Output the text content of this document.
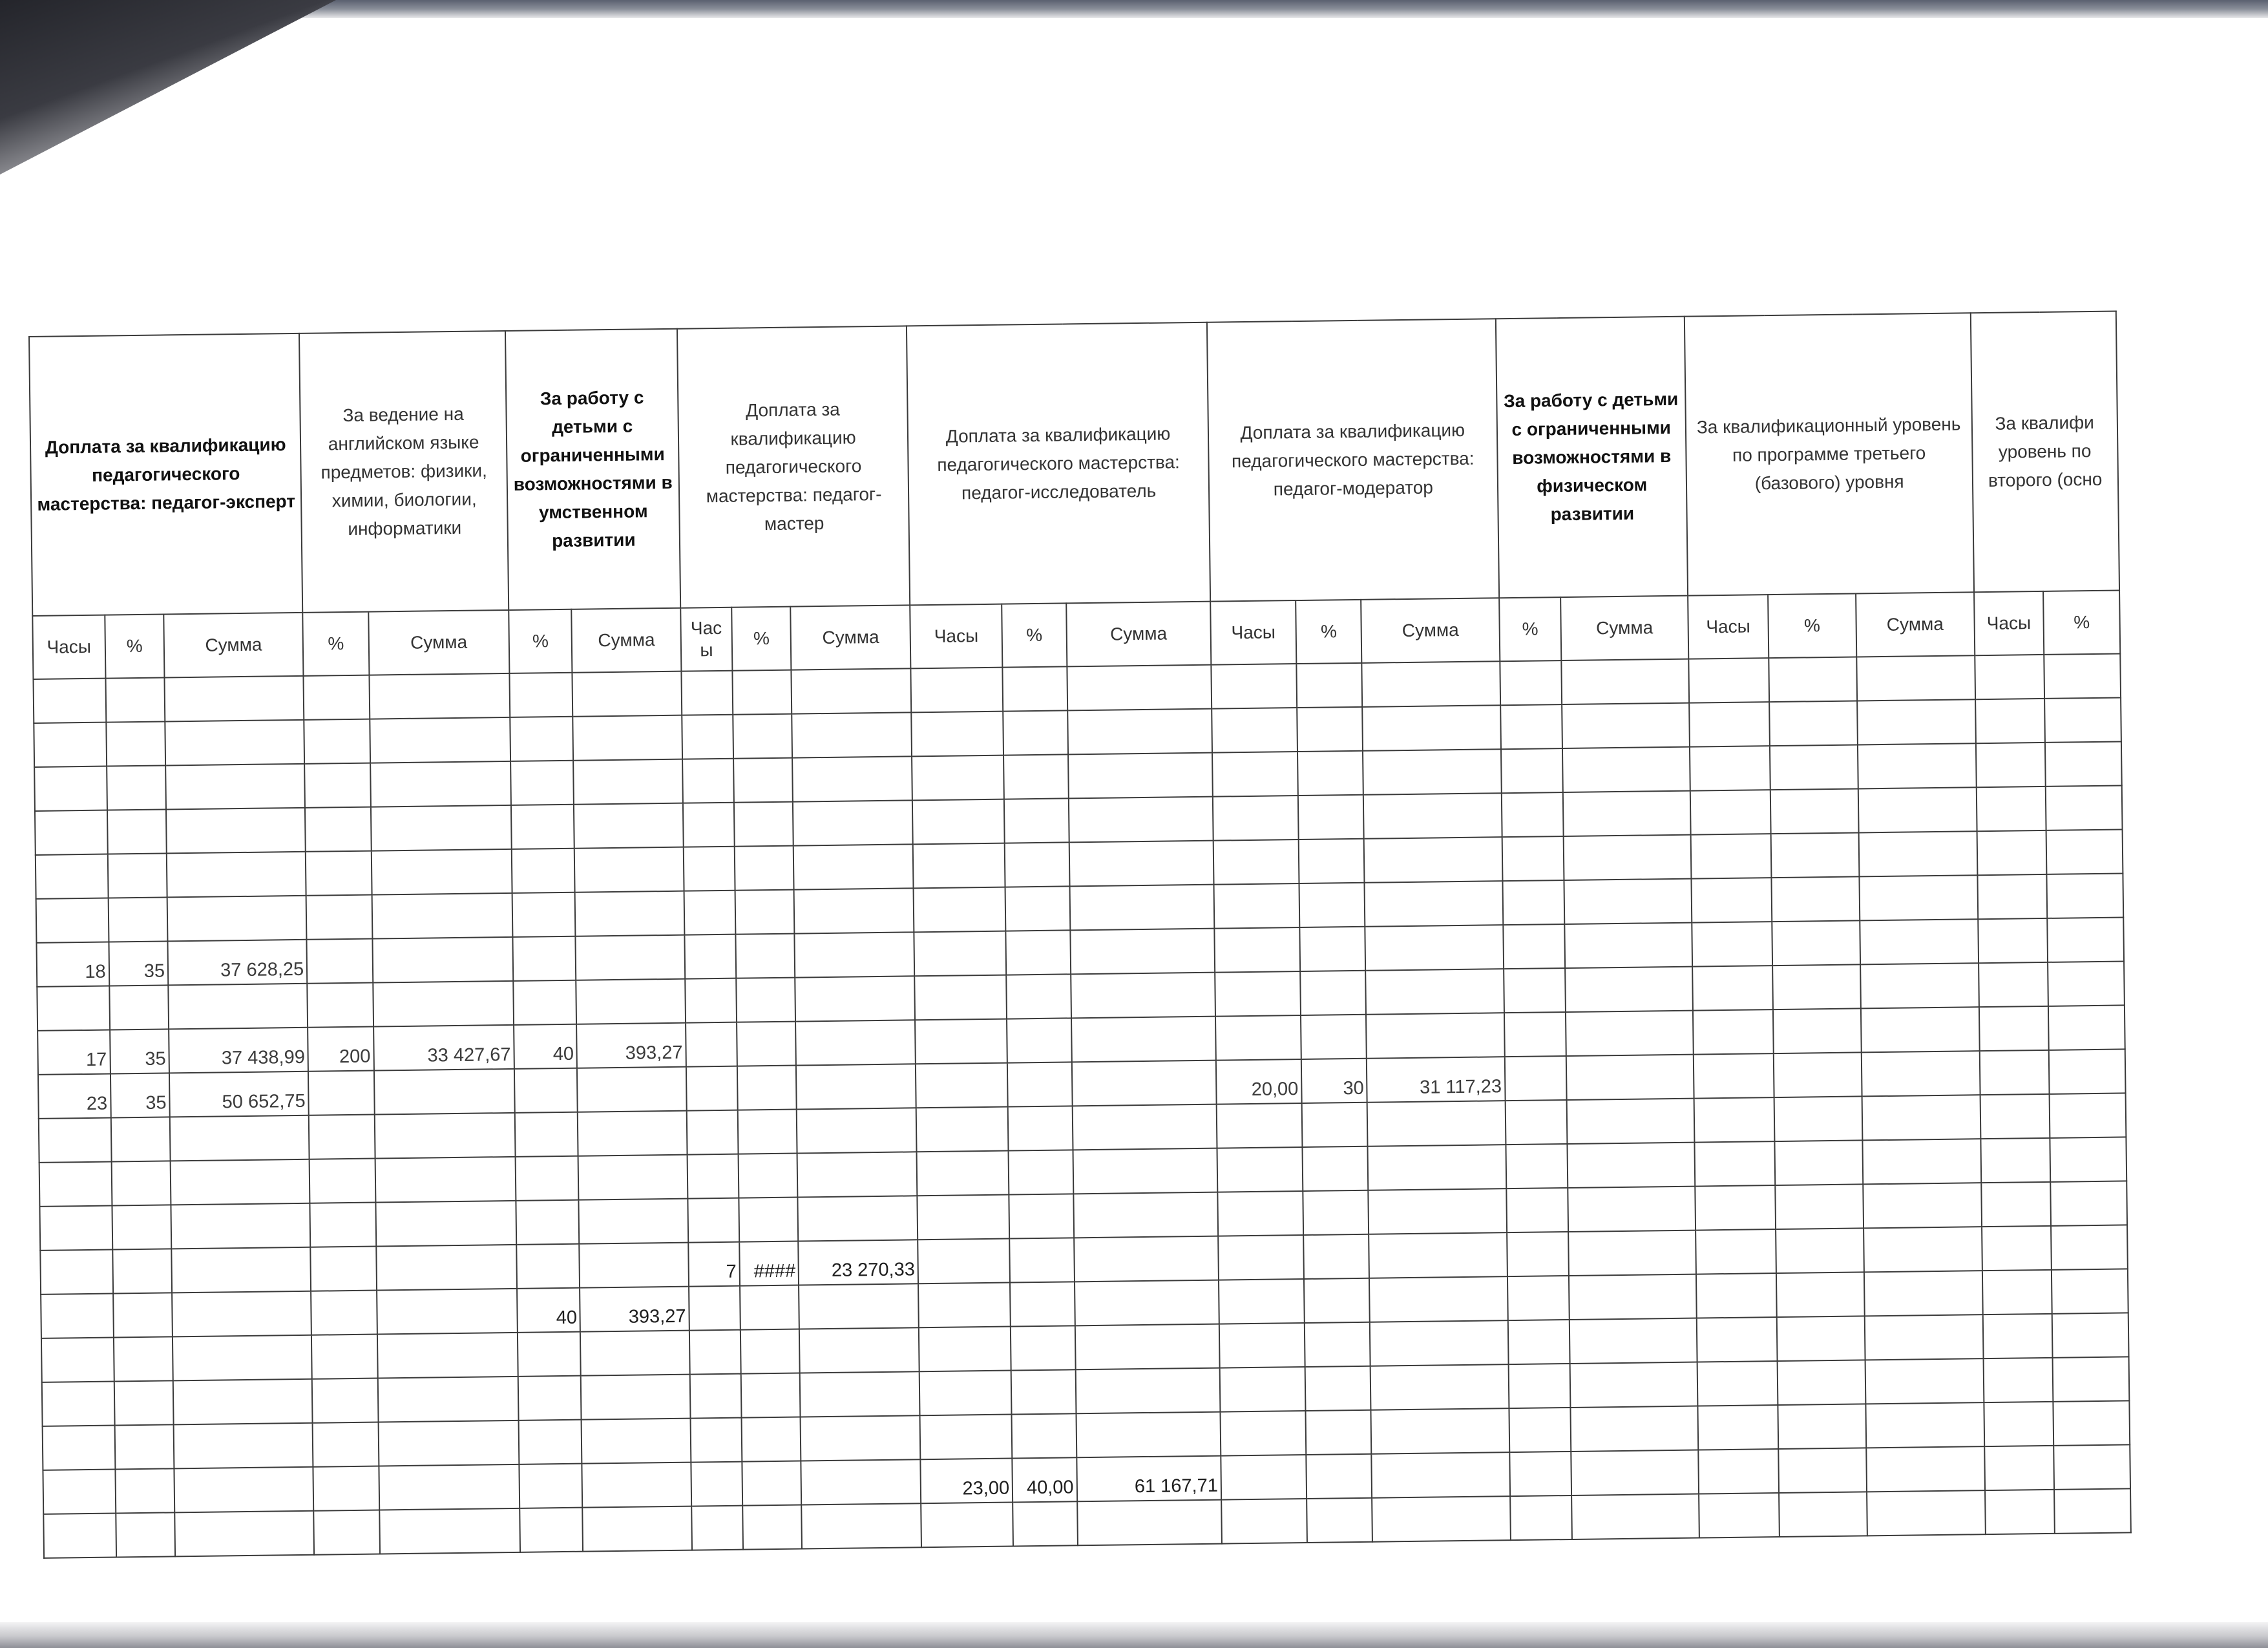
Доплата за квалификацию педагогического мастерства: педагог-эксперт			За ведение на английском языке предметов: физики, химии, биологии, информатики		За работу с детьми с ограниченными возможностями в умственном развитии		Доплата за квалификацию педагогического мастерства: педагог-мастер			Доплата за квалификацию педагогического мастерства: педагог-исследователь			Доплата за квалификацию педагогического мастерства: педагог-модератор			За работу с детьми с ограниченными возможностями в физическом развитии		За квалификационный уровень по программе третьего (базового) уровня			За квалифи уровень по второго (осно	
Часы	%	Сумма	%	Сумма	%	Сумма	Час ы	%	Сумма	Часы	%	Сумма	Часы	%	Сумма	%	Сумма	Часы	%	Сумма	Часы	%

18	35	37 628,25																				

17	35	37 438,99	200	33 427,67	40	393,27																
23	35	50 652,75											20,00	30	31 117,23							

							7	####	23 270,33													
					40	393,27																

										23,00	40,00	61 167,71										
